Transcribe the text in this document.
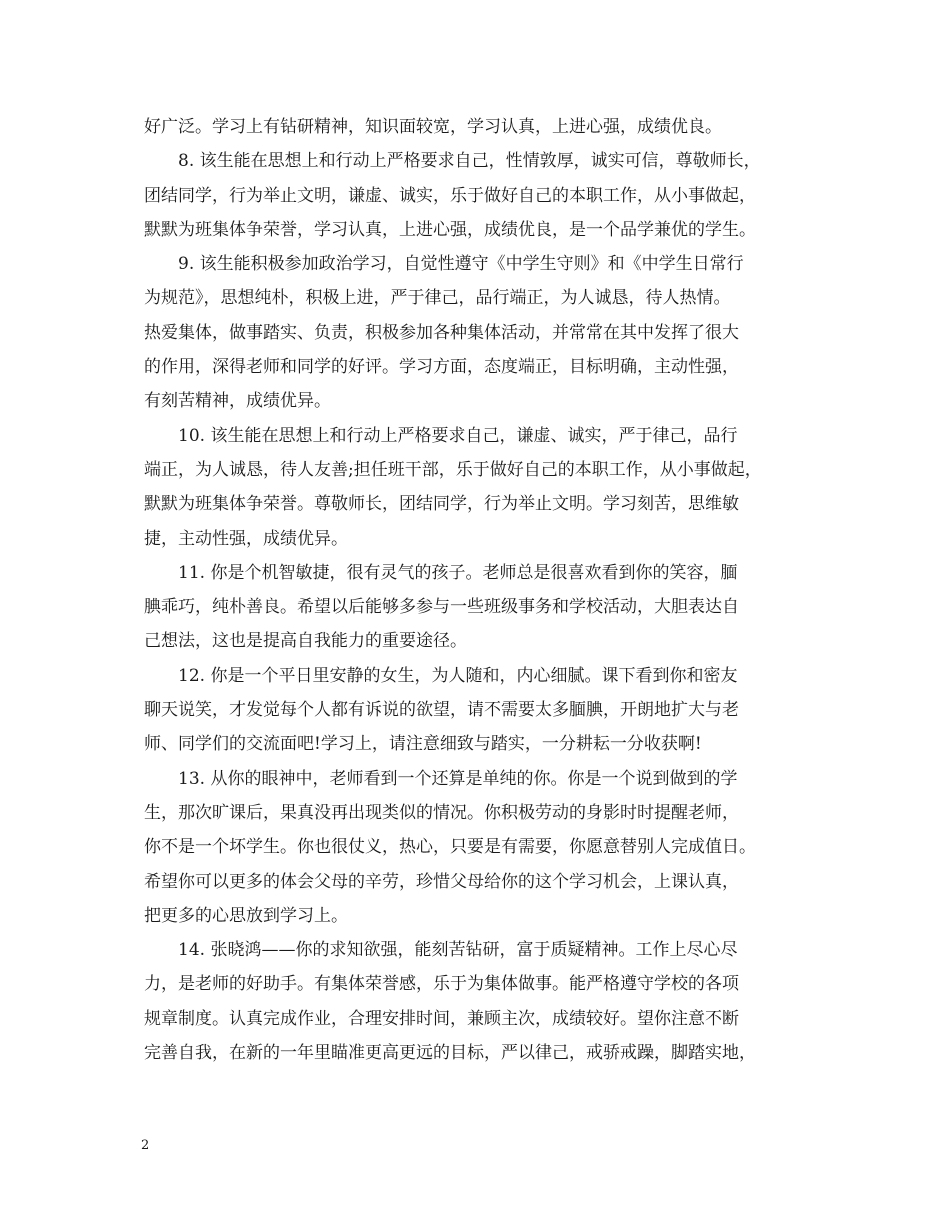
好广泛。学习上有钻研精神，知识面较宽，学习认真，上进心强，成绩优良。
8. 该生能在思想上和行动上严格要求自己，性情敦厚，诚实可信，尊敬师长，
团结同学，行为举止文明，谦虚、诚实，乐于做好自己的本职工作，从小事做起，
默默为班集体争荣誉，学习认真，上进心强，成绩优良，是一个品学兼优的学生。
9. 该生能积极参加政治学习，自觉性遵守《中学生守则》和《中学生日常行
为规范》，思想纯朴，积极上进，严于律己，品行端正，为人诚恳，待人热情。
热爱集体，做事踏实、负责，积极参加各种集体活动，并常常在其中发挥了很大
的作用，深得老师和同学的好评。学习方面，态度端正，目标明确，主动性强，
有刻苦精神，成绩优异。
10. 该生能在思想上和行动上严格要求自己，谦虚、诚实，严于律己，品行
端正，为人诚恳，待人友善;担任班干部，乐于做好自己的本职工作，从小事做起，
默默为班集体争荣誉。尊敬师长，团结同学，行为举止文明。学习刻苦，思维敏
捷，主动性强，成绩优异。
11. 你是个机智敏捷，很有灵气的孩子。老师总是很喜欢看到你的笑容，腼
腆乖巧，纯朴善良。希望以后能够多参与一些班级事务和学校活动，大胆表达自
己想法，这也是提高自我能力的重要途径。
12. 你是一个平日里安静的女生，为人随和，内心细腻。课下看到你和密友
聊天说笑，才发觉每个人都有诉说的欲望，请不需要太多腼腆，开朗地扩大与老
师、同学们的交流面吧!学习上，请注意细致与踏实，一分耕耘一分收获啊!
13. 从你的眼神中，老师看到一个还算是单纯的你。你是一个说到做到的学
生，那次旷课后，果真没再出现类似的情况。你积极劳动的身影时时提醒老师，
你不是一个坏学生。你也很仗义，热心，只要是有需要，你愿意替别人完成值日。
希望你可以更多的体会父母的辛劳，珍惜父母给你的这个学习机会，上课认真，
把更多的心思放到学习上。
14. 张晓鸿——你的求知欲强，能刻苦钻研，富于质疑精神。工作上尽心尽
力，是老师的好助手。有集体荣誉感，乐于为集体做事。能严格遵守学校的各项
规章制度。认真完成作业，合理安排时间，兼顾主次，成绩较好。望你注意不断
完善自我，在新的一年里瞄准更高更远的目标，严以律己，戒骄戒躁，脚踏实地，
2
